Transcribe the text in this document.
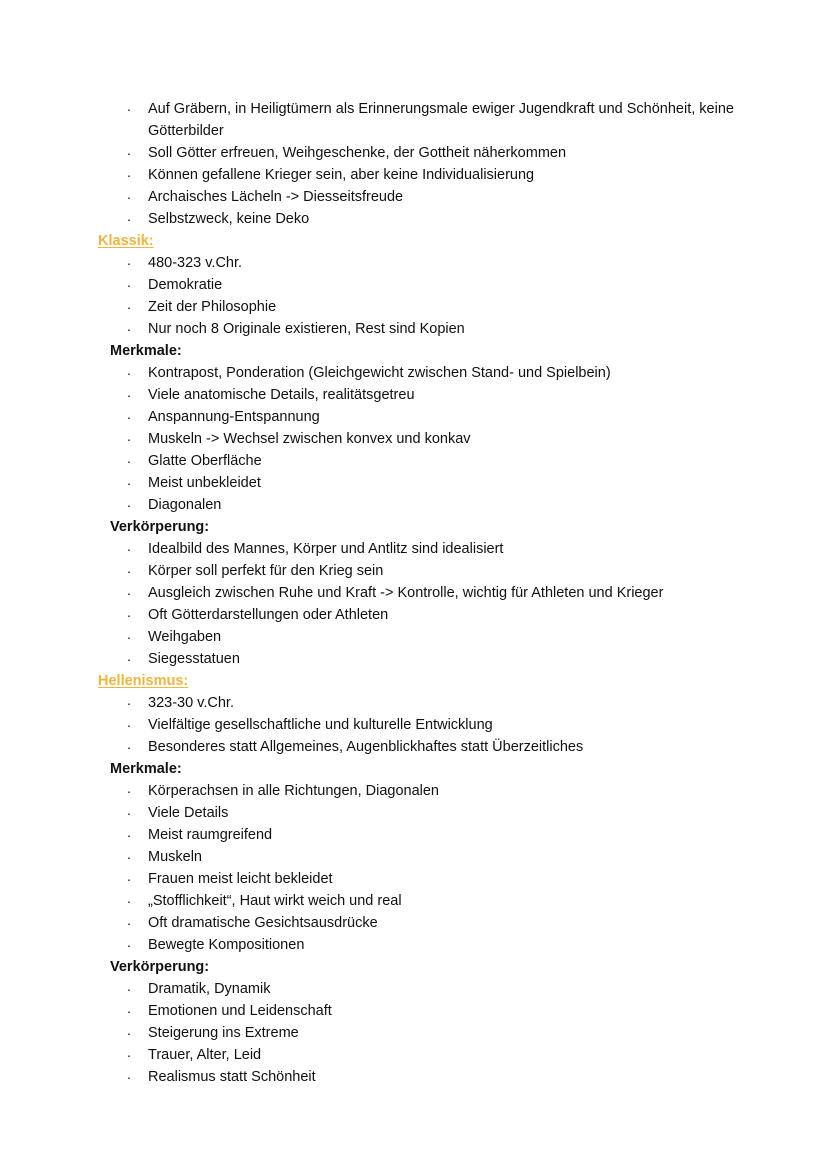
· Auf Gräbern, in Heiligtümern als Erinnerungsmale ewiger Jugendkraft und Schönheit, keine Götterbilder
· Soll Götter erfreuen, Weihgeschenke, der Gottheit näherkommen
· Können gefallene Krieger sein, aber keine Individualisierung
· Archaisches Lächeln -> Diesseitsfreude
· Selbstzweck, keine Deko
Klassik:
· 480-323 v.Chr.
· Demokratie
· Zeit der Philosophie
· Nur noch 8 Originale existieren, Rest sind Kopien
Merkmale:
· Kontrapost, Ponderation (Gleichgewicht zwischen Stand- und Spielbein)
· Viele anatomische Details, realitätsgetreu
· Anspannung-Entspannung
· Muskeln -> Wechsel zwischen konvex und konkav
· Glatte Oberfläche
· Meist unbekleidet
· Diagonalen
Verkörperung:
· Idealbild des Mannes, Körper und Antlitz sind idealisiert
· Körper soll perfekt für den Krieg sein
· Ausgleich zwischen Ruhe und Kraft -> Kontrolle, wichtig für Athleten und Krieger
· Oft Götterdarstellungen oder Athleten
· Weihgaben
· Siegesstatuen
Hellenismus:
· 323-30 v.Chr.
· Vielfältige gesellschaftliche und kulturelle Entwicklung
· Besonderes statt Allgemeines, Augenblickhaftes statt Überzeitliches
Merkmale:
· Körperachsen in alle Richtungen, Diagonalen
· Viele Details
· Meist raumgreifend
· Muskeln
· Frauen meist leicht bekleidet
· „Stofflichkeit“, Haut wirkt weich und real
· Oft dramatische Gesichtsausdrücke
· Bewegte Kompositionen
Verkörperung:
· Dramatik, Dynamik
· Emotionen und Leidenschaft
· Steigerung ins Extreme
· Trauer, Alter, Leid
· Realismus statt Schönheit
